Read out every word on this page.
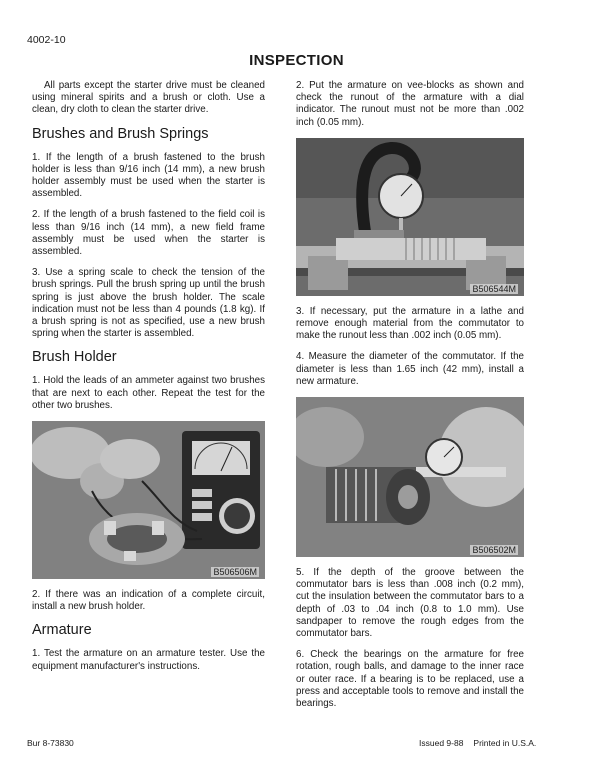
4002-10
INSPECTION

All parts except the starter drive must be cleaned using mineral spirits and a brush or cloth. Use a clean, dry cloth to clean the starter drive.

Brushes and Brush Springs

1. If the length of a brush fastened to the brush holder is less than 9/16 inch (14 mm), a new brush holder assembly must be used when the starter is assembled.

2. If the length of a brush fastened to the field coil is less than 9/16 inch (14 mm), a new field frame assembly must be used when the starter is assembled.

3. Use a spring scale to check the tension of the brush springs. Pull the brush spring up until the brush spring is just above the brush holder. The scale indication must not be less than 4 pounds (1.8 kg). If a brush spring is not as specified, use a new brush spring when the starter is assembled.

Brush Holder

1. Hold the leads of an ammeter against two brushes that are next to each other. Repeat the test for the other two brushes.

B506506M

2. If there was an indication of a complete circuit, install a new brush holder.

Armature

1. Test the armature on an armature tester. Use the equipment manufacturer's instructions.

2. Put the armature on vee-blocks as shown and check the runout of the armature with a dial indicator. The runout must not be more than .002 inch (0.05 mm).

B506544M

3. If necessary, put the armature in a lathe and remove enough material from the commutator to make the runout less than .002 inch (0.05 mm).

4. Measure the diameter of the commutator. If the diameter is less than 1.65 inch (42 mm), install a new armature.

B506502M

5. If the depth of the groove between the commutator bars is less than .008 inch (0.2 mm), cut the insulation between the commutator bars to a depth of .03 to .04 inch (0.8 to 1.0 mm). Use sandpaper to remove the rough edges from the commutator bars.

6. Check the bearings on the armature for free rotation, rough balls, and damage to the inner race or outer race. If a bearing is to be replaced, use a press and acceptable tools to remove and install the bearings.

Bur 8-73830	Issued 9-88 Printed in U.S.A.
